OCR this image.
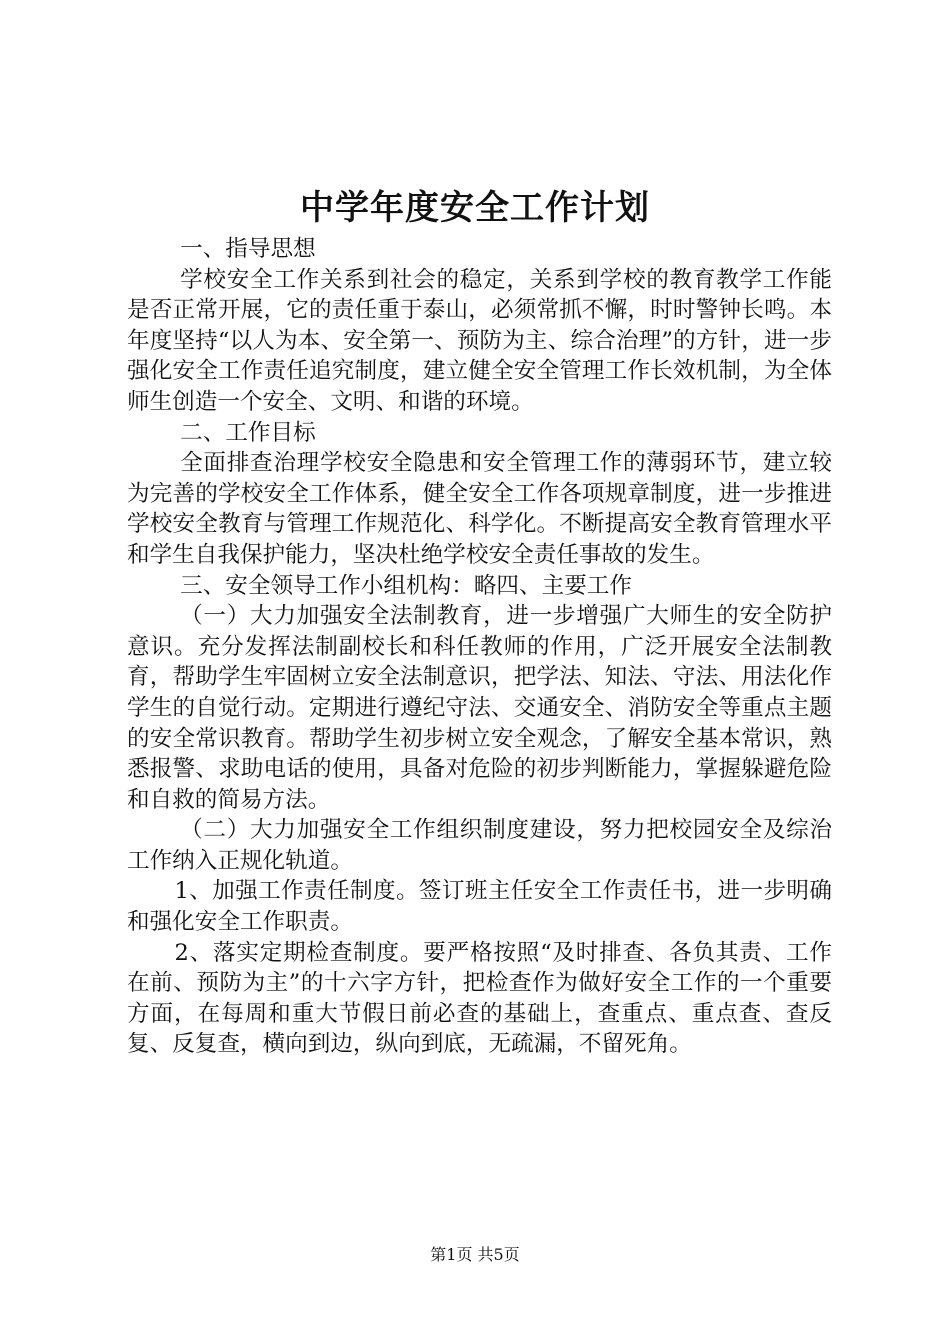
中学年度安全工作计划

一、指导思想

学校安全工作关系到社会的稳定，关系到学校的教育教学工作能是否正常开展，它的责任重于泰山，必须常抓不懈，时时警钟长鸣。本年度坚持“以人为本、安全第一、预防为主、综合治理”的方针，进一步强化安全工作责任追究制度，建立健全安全管理工作长效机制，为全体师生创造一个安全、文明、和谐的环境。

二、工作目标

全面排查治理学校安全隐患和安全管理工作的薄弱环节，建立较为完善的学校安全工作体系，健全安全工作各项规章制度，进一步推进学校安全教育与管理工作规范化、科学化。不断提高安全教育管理水平和学生自我保护能力，坚决杜绝学校安全责任事故的发生。

三、安全领导工作小组机构：略四、主要工作

（一）大力加强安全法制教育，进一步增强广大师生的安全防护意识。充分发挥法制副校长和科任教师的作用，广泛开展安全法制教育，帮助学生牢固树立安全法制意识，把学法、知法、守法、用法化作学生的自觉行动。定期进行遵纪守法、交通安全、消防安全等重点主题的安全常识教育。帮助学生初步树立安全观念，了解安全基本常识，熟悉报警、求助电话的使用，具备对危险的初步判断能力，掌握躲避危险和自救的简易方法。

（二）大力加强安全工作组织制度建设，努力把校园安全及综治工作纳入正规化轨道。

1、加强工作责任制度。签订班主任安全工作责任书，进一步明确和强化安全工作职责。

2、落实定期检查制度。要严格按照“及时排查、各负其责、工作在前、预防为主”的十六字方针，把检查作为做好安全工作的一个重要方面，在每周和重大节假日前必查的基础上，查重点、重点查、查反复、反复查，横向到边，纵向到底，无疏漏，不留死角。

第1页 共5页
